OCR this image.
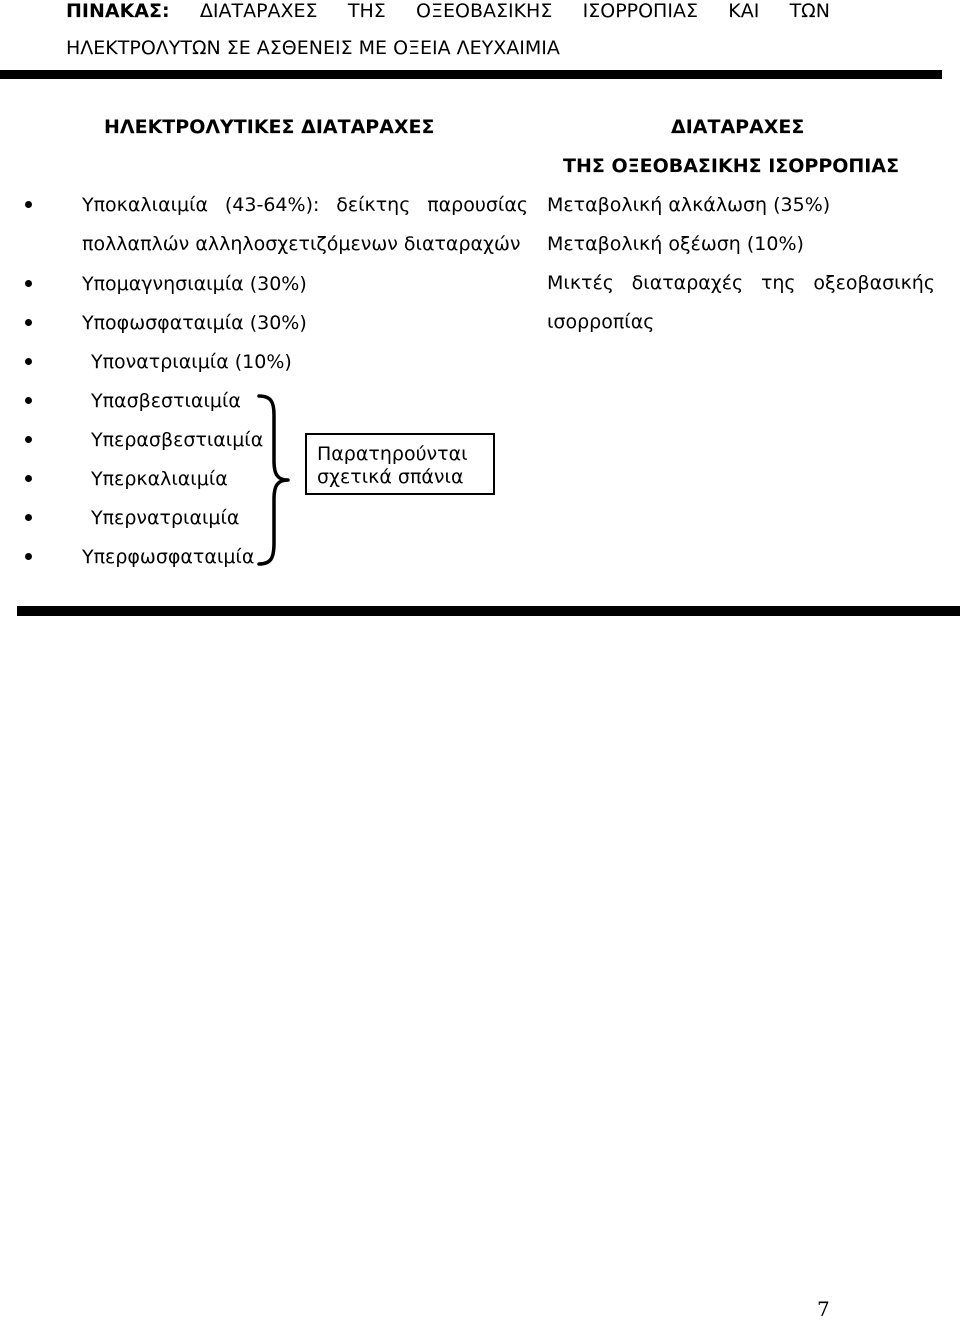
ΠΙΝΑΚΑΣ: ΔΙΑΤΑΡΑΧΕΣ ΤΗΣ ΟΞΕΟΒΑΣΙΚΗΣ ΙΣΟΡΡΟΠΙΑΣ ΚΑΙ ΤΩΝ
ΗΛΕΚΤΡΟΛΥΤΩΝ ΣΕ ΑΣΘΕΝΕΙΣ ΜΕ ΟΞΕΙΑ ΛΕΥΧΑΙΜΙΑ
ΗΛΕΚΤΡΟΛΥΤΙΚΕΣ ΔΙΑΤΑΡΑΧΕΣ	ΔΙΑΤΑΡΑΧΕΣ
ΤΗΣ ΟΞΕΟΒΑΣΙΚΗΣ ΙΣΟΡΡΟΠΙΑΣ
Υποκαλιαιμία (43-64%): δείκτης παρουσίας
πολλαπλών αλληλοσχετιζόμενων διαταραχών
Υπομαγνησιαιμία (30%)
Υποφωσφαταιμία (30%)
Υπονατριαιμία (10%)
Υπασβεστιαιμία
Υπερασβεστιαιμία
Υπερκαλιαιμία
Υπερνατριαιμία
Υπερφωσφαταιμία
Παρατηρούνται
σχετικά σπάνια
Μεταβολική αλκάλωση (35%)
Μεταβολική οξέωση (10%)
Μικτές διαταραχές της οξεοβασικής
ισορροπίας
7
